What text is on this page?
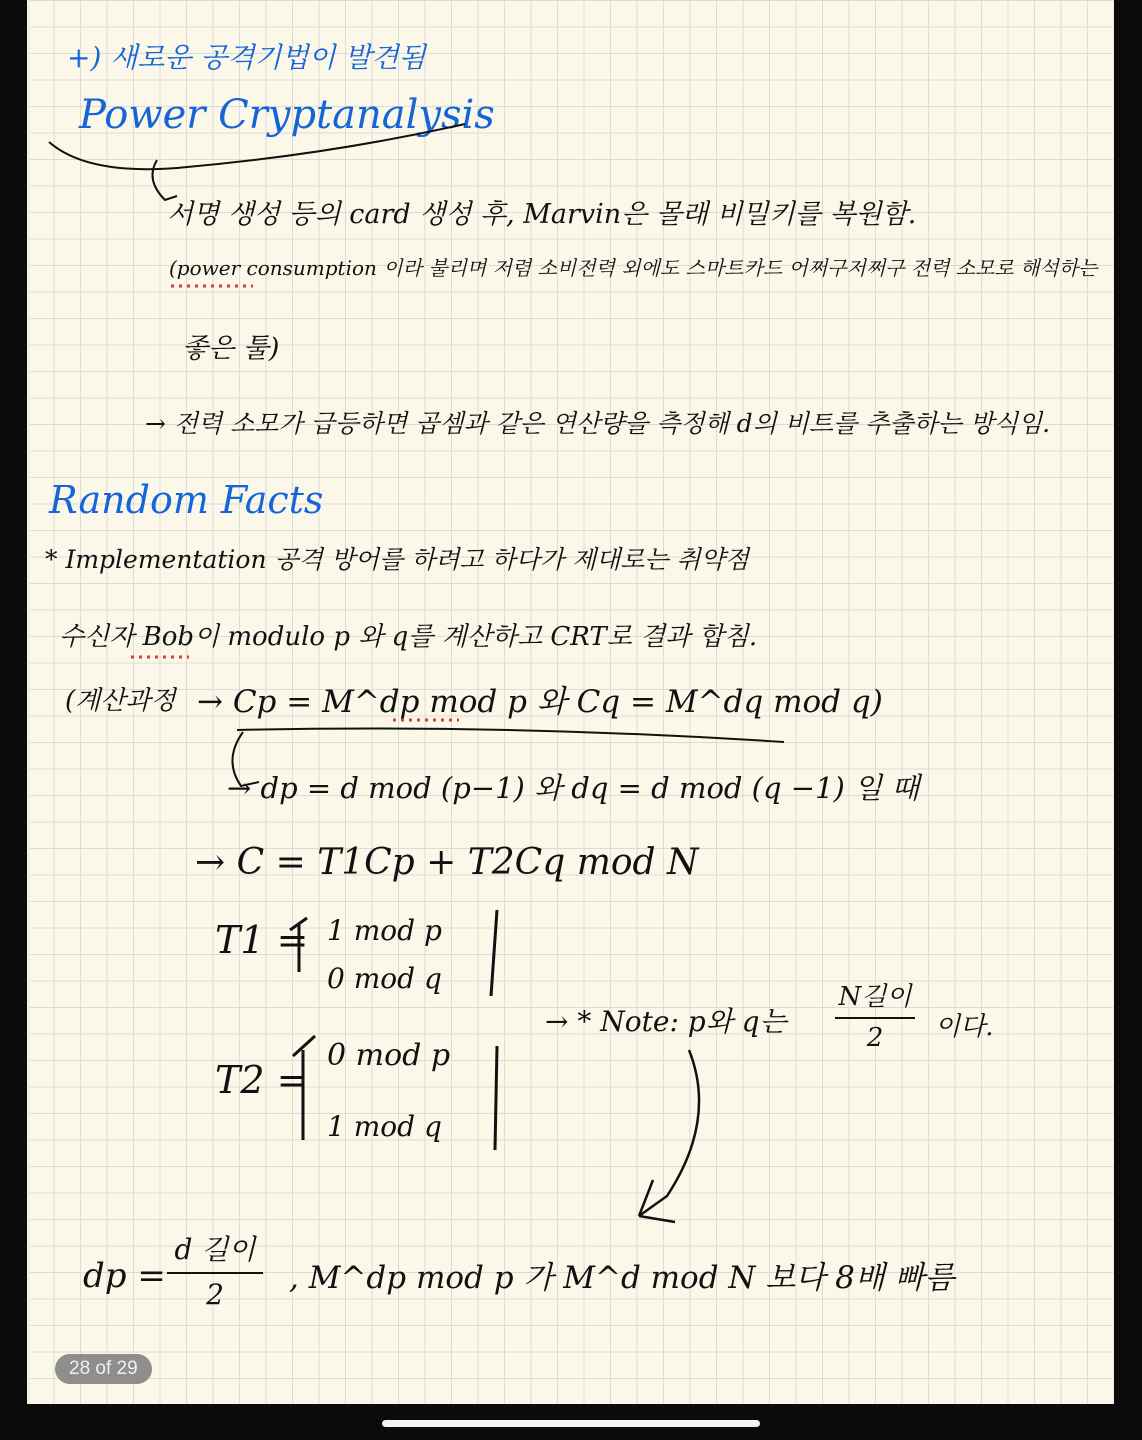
+) 새로운 공격기법이 발견됨
Power Cryptanalysis
서명 생성 등의 card 생성 후, Marvin은 몰래 비밀키를 복원함.
(power consumption 이라 불리며 저렴 소비전력 외에도 스마트카드 어쩌구저쩌구 전력 소모로 해석하는
좋은 툴)
→ 전력 소모가 급등하면 곱셈과 같은 연산량을 측정해 d의 비트를 추출하는 방식임.
Random Facts
* Implementation 공격 방어를 하려고 하다가 제대로는 취약점
수신자 Bob이 modulo p 와 q를 계산하고 CRT로 결과 합침.
(계산과정 → Cp = M^dp mod p 와 Cq = M^dq mod q)
→ dp = d mod (p−1) 와 dq = d mod (q −1) 일 때
→ C = T1Cp + T2Cq mod N
T1 = 1 mod p
0 mod q
T2 =
0 mod p
1 mod q
→ * Note: p와 q는
N길이
2	이다.
dp =
d 길이
2	, M^dp mod p 가 M^d mod N 보다 8배 빠름
28 of 29
